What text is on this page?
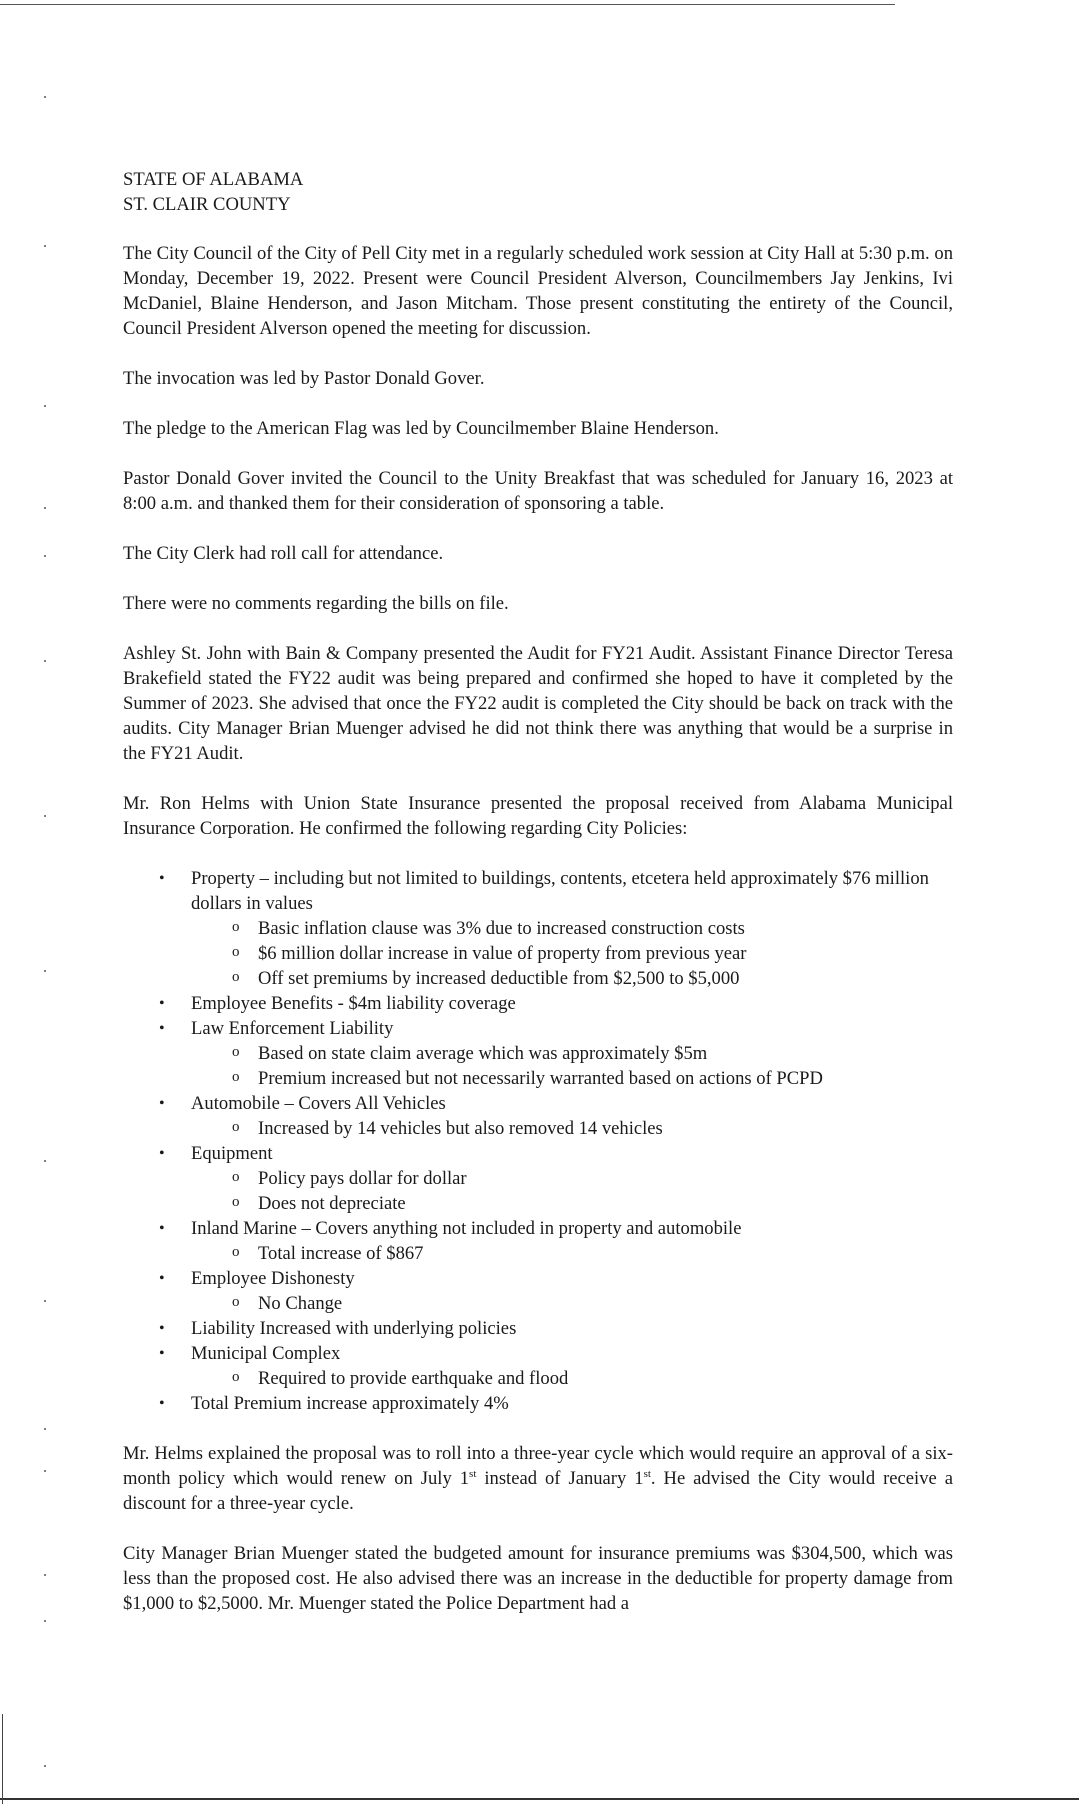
STATE OF ALABAMA
ST. CLAIR COUNTY

The City Council of the City of Pell City met in a regularly scheduled work session at City Hall at 5:30 p.m. on Monday, December 19, 2022. Present were Council President Alverson, Councilmembers Jay Jenkins, Ivi McDaniel, Blaine Henderson, and Jason Mitcham. Those present constituting the entirety of the Council, Council President Alverson opened the meeting for discussion.

The invocation was led by Pastor Donald Gover.

The pledge to the American Flag was led by Councilmember Blaine Henderson.

Pastor Donald Gover invited the Council to the Unity Breakfast that was scheduled for January 16, 2023 at 8:00 a.m. and thanked them for their consideration of sponsoring a table.

The City Clerk had roll call for attendance.

There were no comments regarding the bills on file.

Ashley St. John with Bain & Company presented the Audit for FY21 Audit. Assistant Finance Director Teresa Brakefield stated the FY22 audit was being prepared and confirmed she hoped to have it completed by the Summer of 2023. She advised that once the FY22 audit is completed the City should be back on track with the audits. City Manager Brian Muenger advised he did not think there was anything that would be a surprise in the FY21 Audit.

Mr. Ron Helms with Union State Insurance presented the proposal received from Alabama Municipal Insurance Corporation. He confirmed the following regarding City Policies:

• Property – including but not limited to buildings, contents, etcetera held approximately $76 million dollars in values
o Basic inflation clause was 3% due to increased construction costs
o $6 million dollar increase in value of property from previous year
o Off set premiums by increased deductible from $2,500 to $5,000
• Employee Benefits - $4m liability coverage
• Law Enforcement Liability
o Based on state claim average which was approximately $5m
o Premium increased but not necessarily warranted based on actions of PCPD
• Automobile – Covers All Vehicles
o Increased by 14 vehicles but also removed 14 vehicles
• Equipment
o Policy pays dollar for dollar
o Does not depreciate
• Inland Marine – Covers anything not included in property and automobile
o Total increase of $867
• Employee Dishonesty
o No Change
• Liability Increased with underlying policies
• Municipal Complex
o Required to provide earthquake and flood
• Total Premium increase approximately 4%

Mr. Helms explained the proposal was to roll into a three-year cycle which would require an approval of a six-month policy which would renew on July 1st instead of January 1st. He advised the City would receive a discount for a three-year cycle.

City Manager Brian Muenger stated the budgeted amount for insurance premiums was $304,500, which was less than the proposed cost. He also advised there was an increase in the deductible for property damage from $1,000 to $2,5000. Mr. Muenger stated the Police Department had a
